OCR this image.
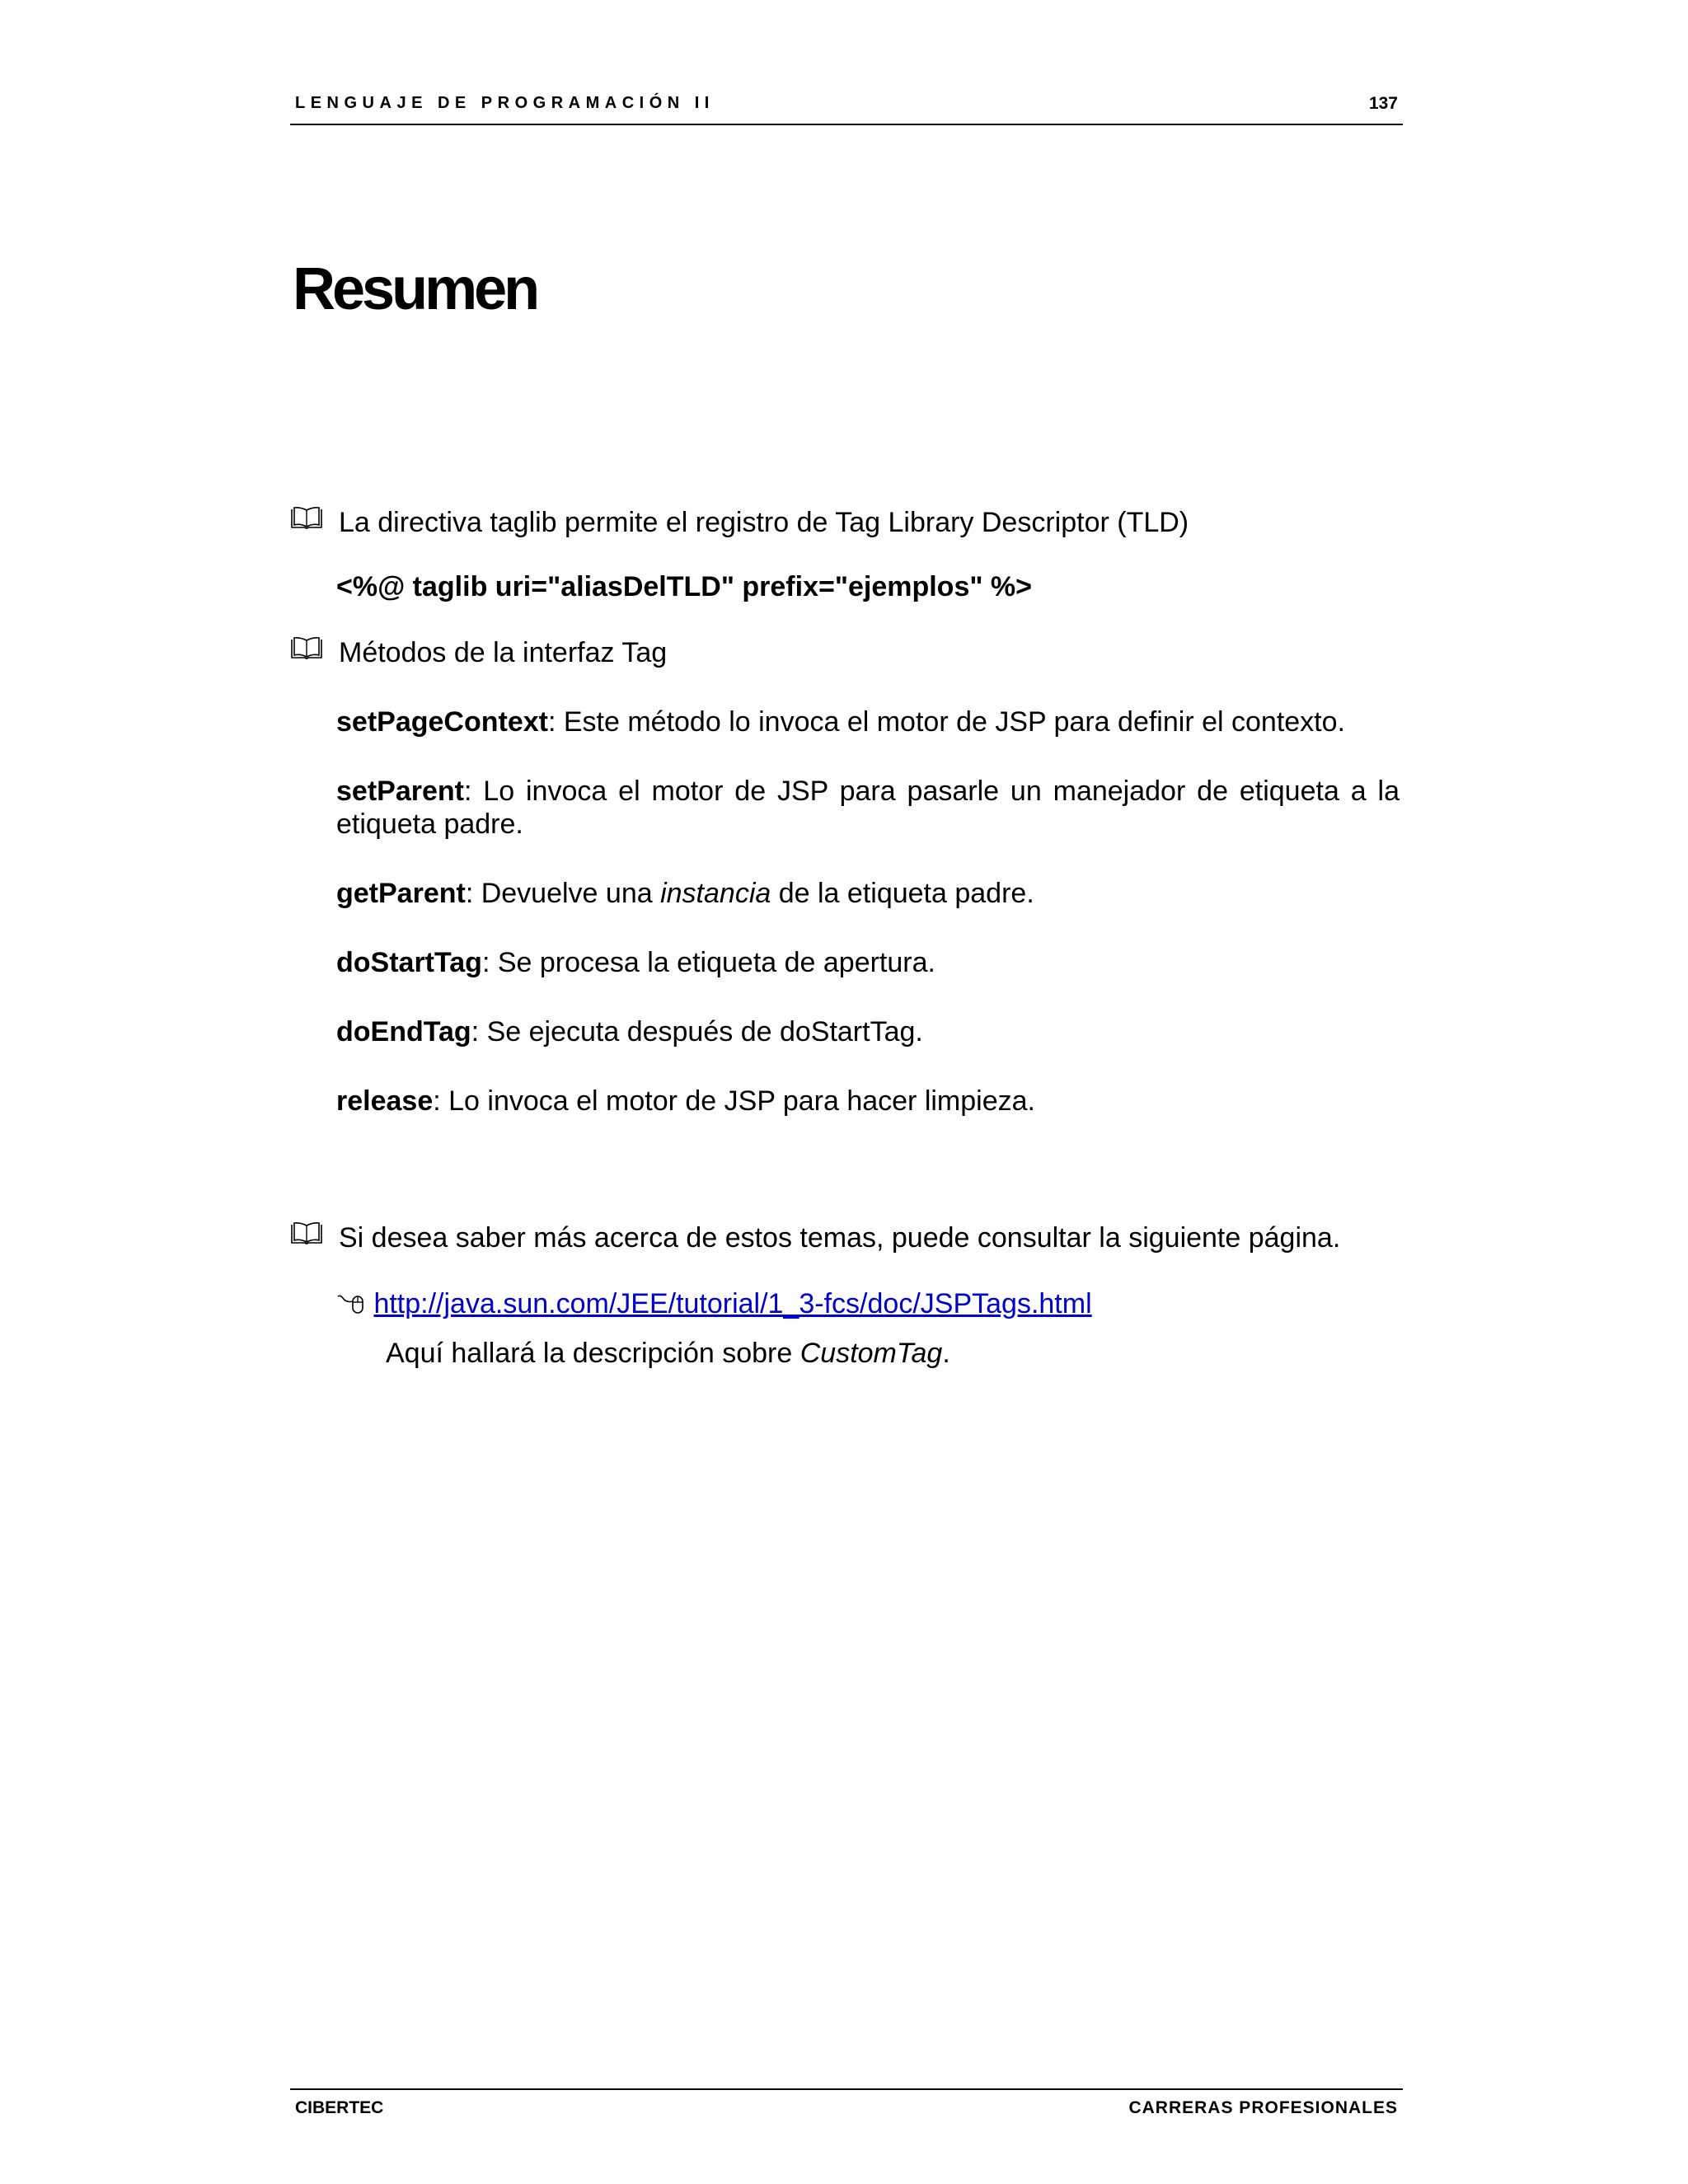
LENGUAJE DE PROGRAMACIÓN II	137
Resumen
La directiva taglib permite el registro de Tag Library Descriptor (TLD)
<%@ taglib uri="aliasDelTLD" prefix="ejemplos" %>
Métodos de la interfaz Tag
setPageContext: Este método lo invoca el motor de JSP para definir el contexto.
setParent: Lo invoca el motor de JSP para pasarle un manejador de etiqueta a la etiqueta padre.
getParent: Devuelve una instancia de la etiqueta padre.
doStartTag: Se procesa la etiqueta de apertura.
doEndTag: Se ejecuta después de doStartTag.
release: Lo invoca el motor de JSP para hacer limpieza.
Si desea saber más acerca de estos temas, puede consultar la siguiente página.
http://java.sun.com/JEE/tutorial/1_3-fcs/doc/JSPTags.html
Aquí hallará la descripción sobre CustomTag.
CIBERTEC	CARRERAS PROFESIONALES
